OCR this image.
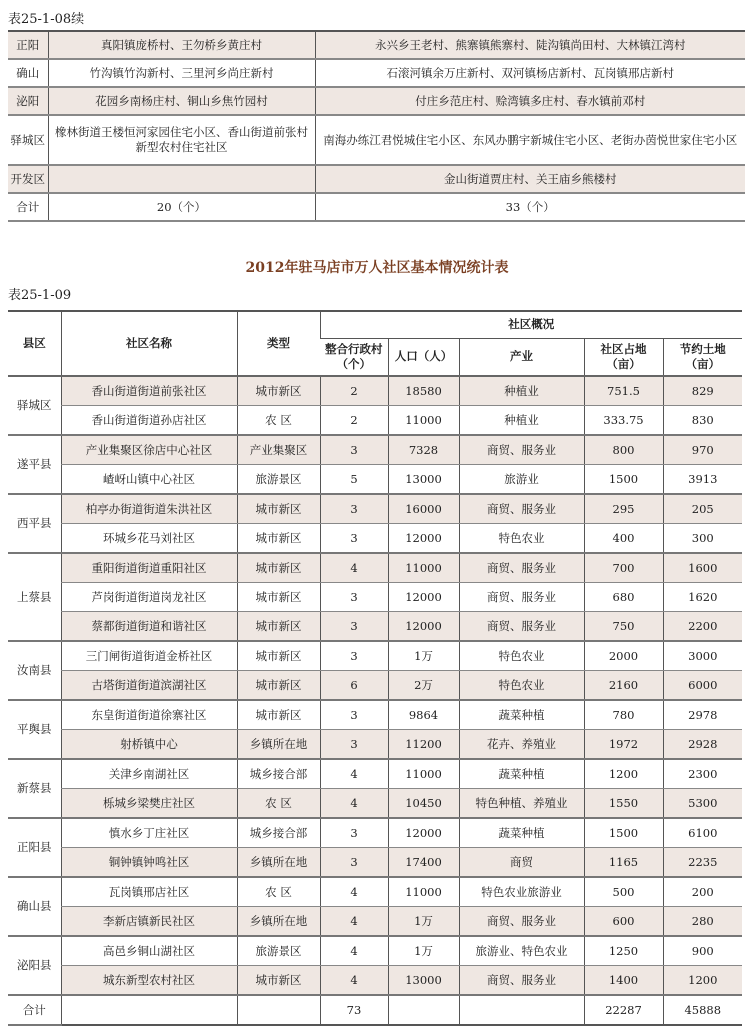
表25-1-08续
正阳	真阳镇庞桥村、王勿桥乡黄庄村	永兴乡王老村、熊寨镇熊寨村、陡沟镇尚田村、大林镇江湾村
确山	竹沟镇竹沟新村、三里河乡尚庄新村	石滚河镇余万庄新村、双河镇杨店新村、瓦岗镇邢店新村
泌阳	花园乡南杨庄村、铜山乡焦竹园村	付庄乡范庄村、赊湾镇多庄村、春水镇前邓村
驿城区	橡林街道王楼恒河家园住宅小区、香山街道前张村新型农村住宅社区	南海办练江君悦城住宅小区、东风办鹏宇新城住宅小区、老街办茵悦世家住宅小区
开发区		金山街道贾庄村、关王庙乡熊楼村
合计	20（个）	33（个）
2012年驻马店市万人社区基本情况统计表
表25-1-09
县区	社区名称	类型	社区概况				
			整合行政村（个）	人口（人）	产业	社区占地（亩）	节约土地（亩）
驿城区	香山街道街道前张社区	城市新区	2	18580	种植业	751.5	829
	香山街道街道孙店社区	农 区	2	11000	种植业	333.75	830
遂平县	产业集聚区徐店中心社区	产业集聚区	3	7328	商贸、服务业	800	970
	嵖岈山镇中心社区	旅游景区	5	13000	旅游业	1500	3913
西平县	柏亭办街道街道朱洪社区	城市新区	3	16000	商贸、服务业	295	205
	环城乡花马刘社区	城市新区	3	12000	特色农业	400	300
上蔡县	重阳街道街道重阳社区	城市新区	4	11000	商贸、服务业	700	1600
	芦岗街道街道岗龙社区	城市新区	3	12000	商贸、服务业	680	1620
	蔡都街道街道和谐社区	城市新区	3	12000	商贸、服务业	750	2200
汝南县	三门闸街道街道金桥社区	城市新区	3	1万	特色农业	2000	3000
	古塔街道街道滨湖社区	城市新区	6	2万	特色农业	2160	6000
平舆县	东皇街道街道徐寨社区	城市新区	3	9864	蔬菜种植	780	2978
	射桥镇中心	乡镇所在地	3	11200	花卉、养殖业	1972	2928
新蔡县	关津乡南湖社区	城乡接合部	4	11000	蔬菜种植	1200	2300
	栎城乡梁樊庄社区	农 区	4	10450	特色种植、养殖业	1550	5300
正阳县	慎水乡丁庄社区	城乡接合部	3	12000	蔬菜种植	1500	6100
	铜钟镇钟鸣社区	乡镇所在地	3	17400	商贸	1165	2235
确山县	瓦岗镇邢店社区	农 区	4	11000	特色农业旅游业	500	200
	李新店镇新民社区	乡镇所在地	4	1万	商贸、服务业	600	280
泌阳县	高邑乡铜山湖社区	旅游景区	4	1万	旅游业、特色农业	1250	900
	城东新型农村社区	城市新区	4	13000	商贸、服务业	1400	1200
合计			73			22287	45888
